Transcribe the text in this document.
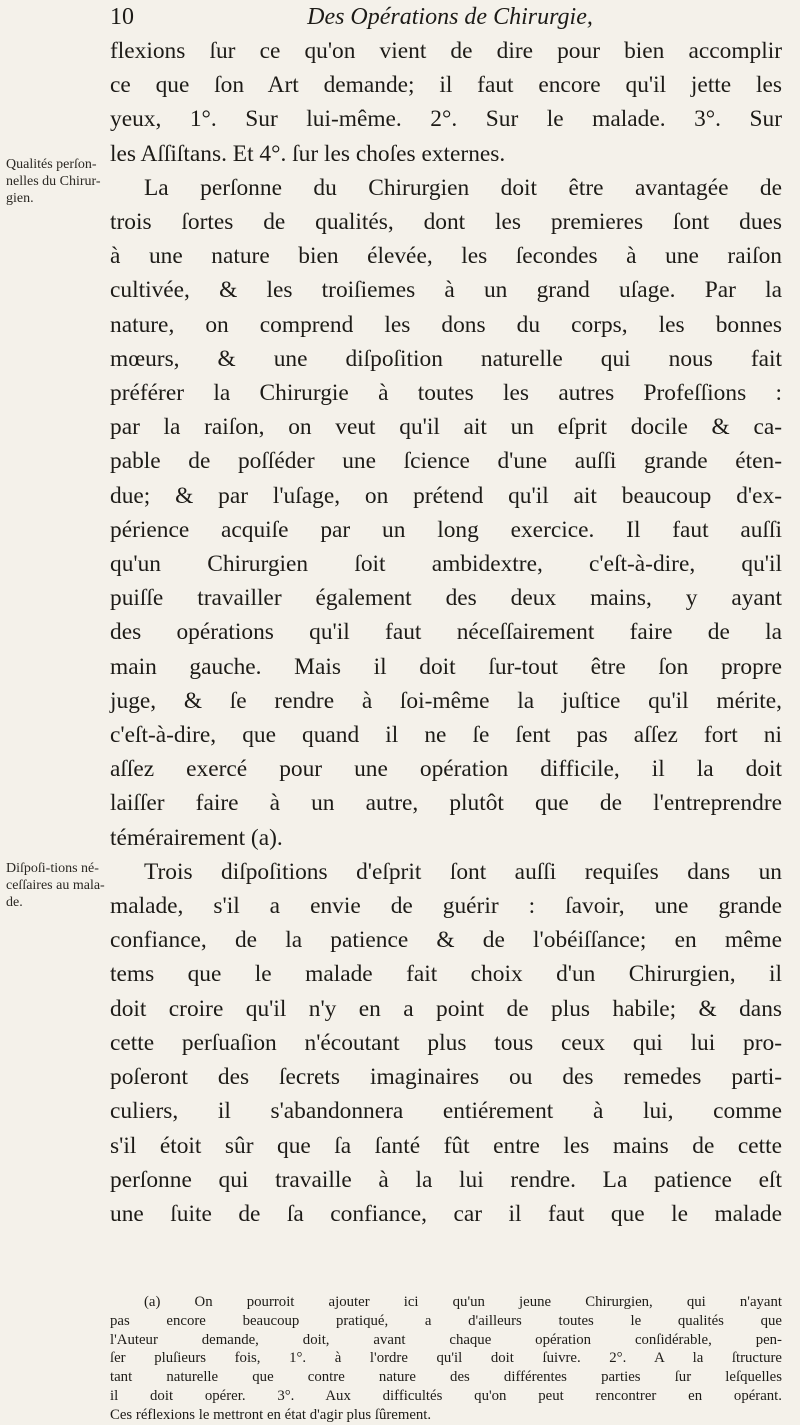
10	Des Opérations de Chirurgie,
Qualités perſon-nelles du Chirur-gien.
Diſpoſi-tions né-ceſſaires au mala-de.
flexions ſur ce qu'on vient de dire pour bien accomplir
ce que ſon Art demande; il faut encore qu'il jette les
yeux, 1°. Sur lui-même. 2°. Sur le malade. 3°. Sur
les Aſſiſtans. Et 4°. ſur les choſes externes.
La perſonne du Chirurgien doit être avantagée de
trois ſortes de qualités, dont les premieres ſont dues
à une nature bien élevée, les ſecondes à une raiſon
cultivée, & les troiſiemes à un grand uſage. Par la
nature, on comprend les dons du corps, les bonnes
mœurs, & une diſpoſition naturelle qui nous fait
préférer la Chirurgie à toutes les autres Profeſſions :
par la raiſon, on veut qu'il ait un eſprit docile & ca-
pable de poſſéder une ſcience d'une auſſi grande éten-
due; & par l'uſage, on prétend qu'il ait beaucoup d'ex-
périence acquiſe par un long exercice. Il faut auſſi
qu'un Chirurgien ſoit ambidextre, c'eſt-à-dire, qu'il
puiſſe travailler également des deux mains, y ayant
des opérations qu'il faut néceſſairement faire de la
main gauche. Mais il doit ſur-tout être ſon propre
juge, & ſe rendre à ſoi-même la juſtice qu'il mérite,
c'eſt-à-dire, que quand il ne ſe ſent pas aſſez fort ni
aſſez exercé pour une opération difficile, il la doit
laiſſer faire à un autre, plutôt que de l'entreprendre
témérairement (a).
Trois diſpoſitions d'eſprit ſont auſſi requiſes dans un
malade, s'il a envie de guérir : ſavoir, une grande
confiance, de la patience & de l'obéiſſance; en même
tems que le malade fait choix d'un Chirurgien, il
doit croire qu'il n'y en a point de plus habile; & dans
cette perſuaſion n'écoutant plus tous ceux qui lui pro-
poſeront des ſecrets imaginaires ou des remedes parti-
culiers, il s'abandonnera entiérement à lui, comme
s'il étoit sûr que ſa ſanté fût entre les mains de cette
perſonne qui travaille à la lui rendre. La patience eſt
une ſuite de ſa confiance, car il faut que le malade
(a) On pourroit ajouter ici qu'un jeune Chirurgien, qui n'ayant
pas encore beaucoup pratiqué, a d'ailleurs toutes le qualités que
l'Auteur demande, doit, avant chaque opération conſidérable, pen-
ſer pluſieurs fois, 1°. à l'ordre qu'il doit ſuivre. 2°. A la ſtructure
tant naturelle que contre nature des différentes parties ſur leſquelles
il doit opérer. 3°. Aux difficultés qu'on peut rencontrer en opérant.
Ces réflexions le mettront en état d'agir plus ſûrement.
